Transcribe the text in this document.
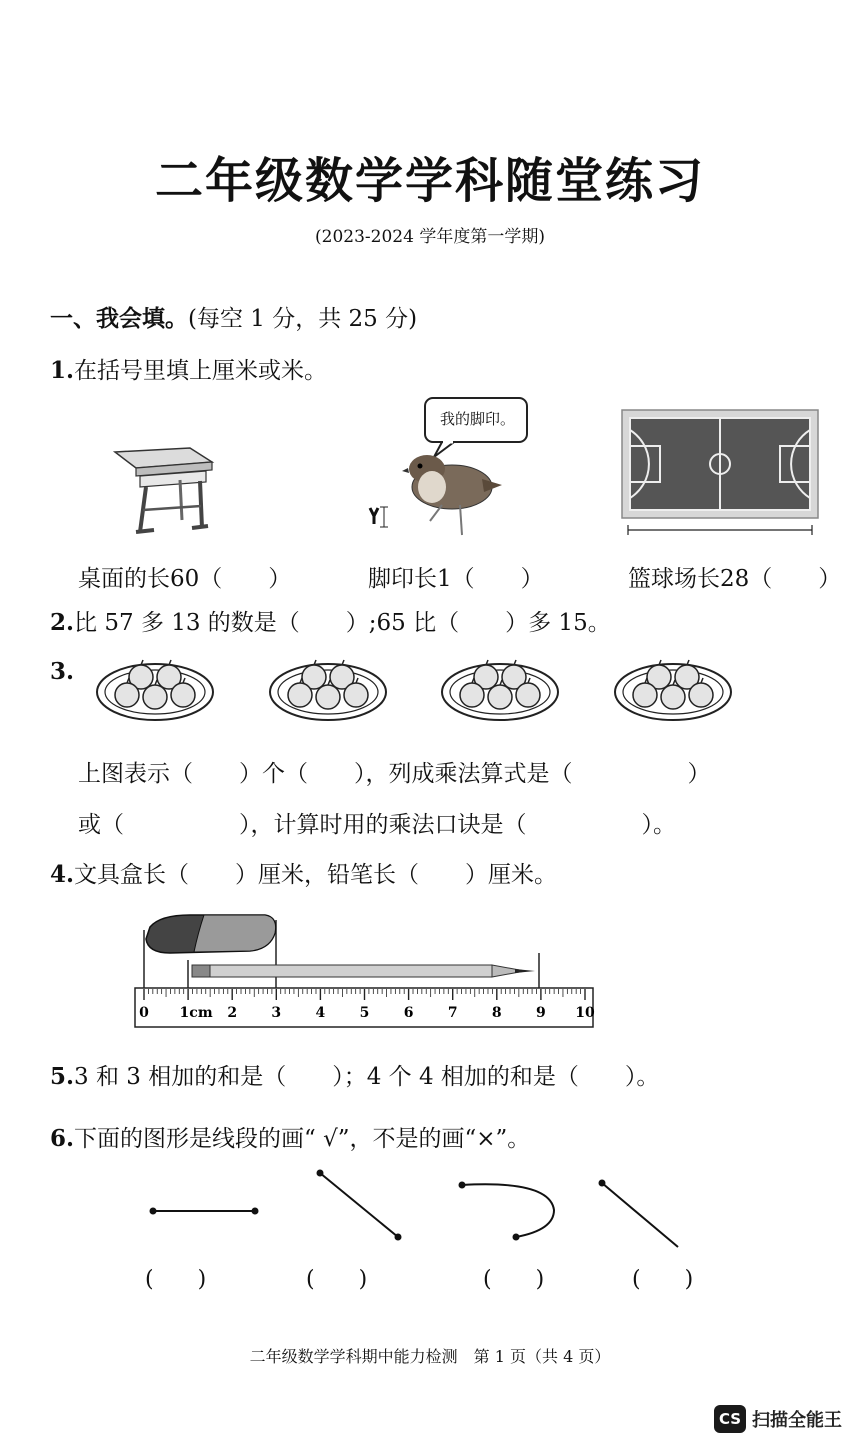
二年级数学学科随堂练习
(2023-2024 学年度第一学期)
一、我会填。(每空 1 分，共 25 分)
1.在括号里填上厘米或米。
我的脚印。
桌面的长60（　　）	脚印长1（　　）	篮球场长28（　　）
2.比 57 多 13 的数是（　　）;65 比（　　）多 15。
3.
上图表示（　　）个（　　），列成乘法算式是（　　　　　）
或（　　　　　），计算时用的乘法口诀是（　　　　　）。
4.文具盒长（　　）厘米，铅笔长（　　）厘米。
0 1cm 2 3 4 5 6 7 8 9 10
5.3 和 3 相加的和是（　　）；4 个 4 相加的和是（　　）。
6.下面的图形是线段的画“ √”，不是的画“×”。
(　　)	(　　)	(　　)	(　　)
二年级数学学科期中能力检测　第 1 页（共 4 页）
CS 扫描全能王
